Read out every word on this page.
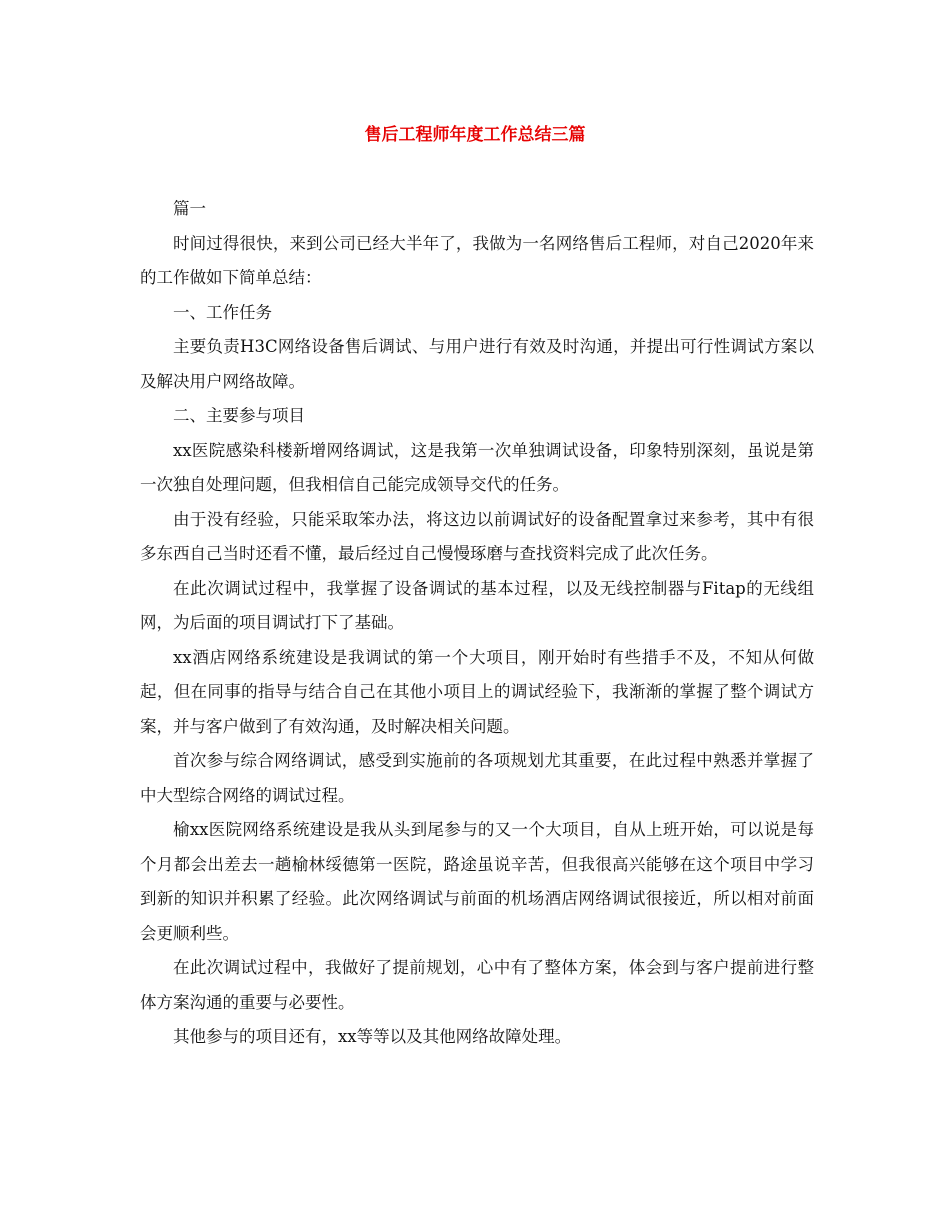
售后工程师年度工作总结三篇

篇一

时间过得很快，来到公司已经大半年了，我做为一名网络售后工程师，对自己2020年来的工作做如下简单总结：

一、工作任务

主要负责H3C网络设备售后调试、与用户进行有效及时沟通，并提出可行性调试方案以及解决用户网络故障。

二、主要参与项目

xx医院感染科楼新增网络调试，这是我第一次单独调试设备，印象特别深刻，虽说是第一次独自处理问题，但我相信自己能完成领导交代的任务。

由于没有经验，只能采取笨办法，将这边以前调试好的设备配置拿过来参考，其中有很多东西自己当时还看不懂，最后经过自己慢慢琢磨与查找资料完成了此次任务。

在此次调试过程中，我掌握了设备调试的基本过程，以及无线控制器与Fitap的无线组网，为后面的项目调试打下了基础。

xx酒店网络系统建设是我调试的第一个大项目，刚开始时有些措手不及，不知从何做起，但在同事的指导与结合自己在其他小项目上的调试经验下，我渐渐的掌握了整个调试方案，并与客户做到了有效沟通，及时解决相关问题。

首次参与综合网络调试，感受到实施前的各项规划尤其重要，在此过程中熟悉并掌握了中大型综合网络的调试过程。

榆xx医院网络系统建设是我从头到尾参与的又一个大项目，自从上班开始，可以说是每个月都会出差去一趟榆林绥德第一医院，路途虽说辛苦，但我很高兴能够在这个项目中学习到新的知识并积累了经验。此次网络调试与前面的机场酒店网络调试很接近，所以相对前面会更顺利些。

在此次调试过程中，我做好了提前规划，心中有了整体方案，体会到与客户提前进行整体方案沟通的重要与必要性。

其他参与的项目还有，xx等等以及其他网络故障处理。
